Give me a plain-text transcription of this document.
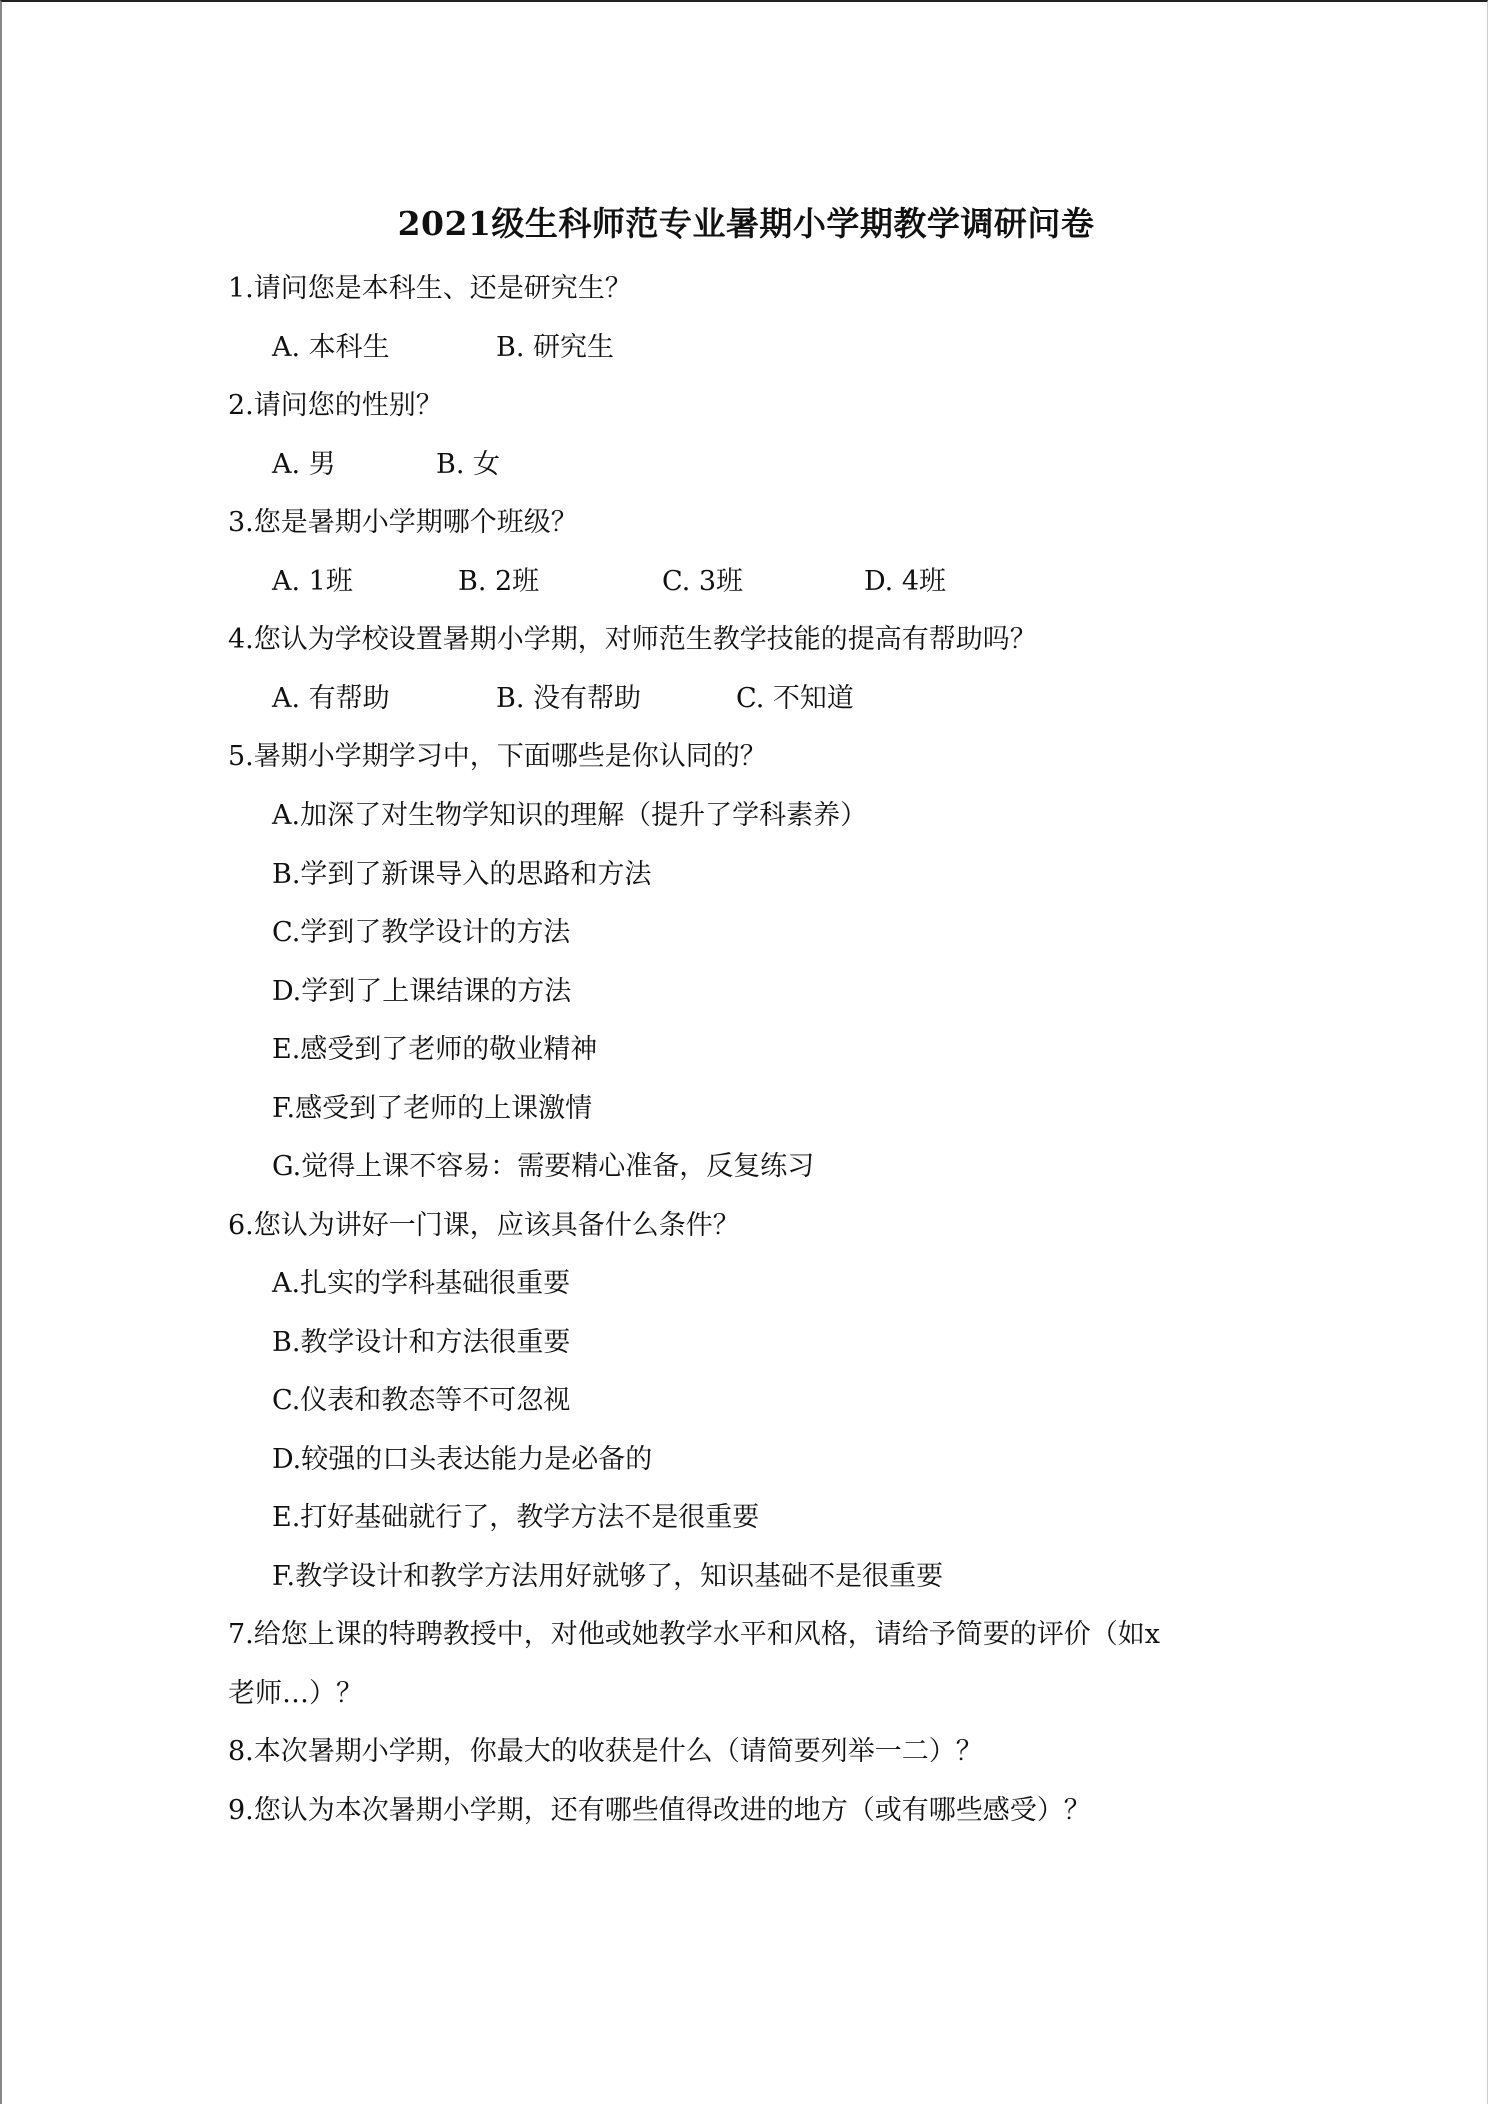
2021级生科师范专业暑期小学期教学调研问卷
1.请问您是本科生、还是研究生？
A. 本科生	B. 研究生
2.请问您的性别？
A. 男	B. 女
3.您是暑期小学期哪个班级？
A. 1班	B. 2班	C. 3班	D. 4班
4.您认为学校设置暑期小学期，对师范生教学技能的提高有帮助吗？
A. 有帮助	B. 没有帮助	C. 不知道
5.暑期小学期学习中，下面哪些是你认同的？
A.加深了对生物学知识的理解（提升了学科素养）
B.学到了新课导入的思路和方法
C.学到了教学设计的方法
D.学到了上课结课的方法
E.感受到了老师的敬业精神
F.感受到了老师的上课激情
G.觉得上课不容易：需要精心准备，反复练习
6.您认为讲好一门课，应该具备什么条件？
A.扎实的学科基础很重要
B.教学设计和方法很重要
C.仪表和教态等不可忽视
D.较强的口头表达能力是必备的
E.打好基础就行了，教学方法不是很重要
F.教学设计和教学方法用好就够了，知识基础不是很重要
7.给您上课的特聘教授中，对他或她教学水平和风格，请给予简要的评价（如x
老师…）？
8.本次暑期小学期，你最大的收获是什么（请简要列举一二）？
9.您认为本次暑期小学期，还有哪些值得改进的地方（或有哪些感受）？
